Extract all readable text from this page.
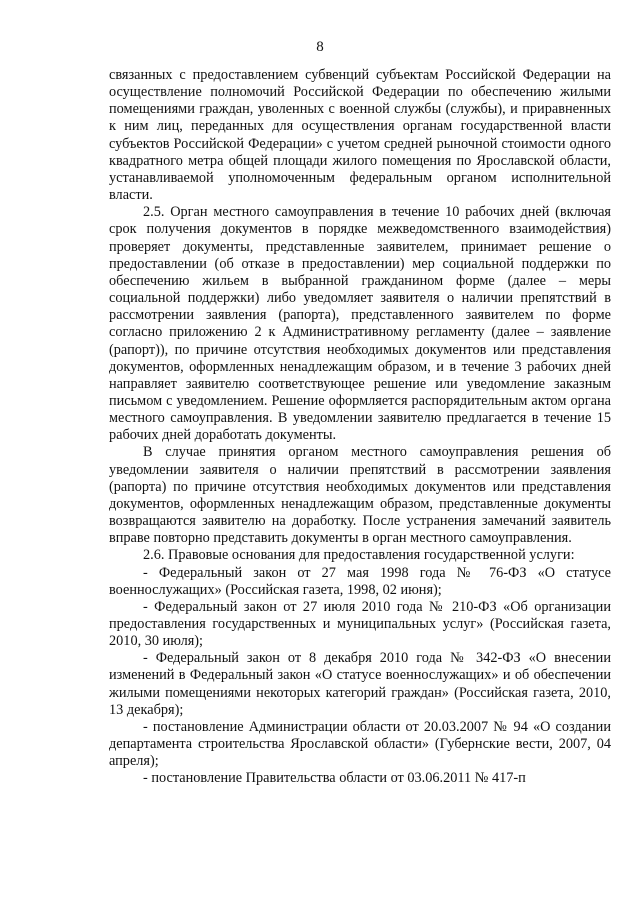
8

связанных с предоставлением субвенций субъектам Российской Федерации на осуществление полномочий Российской Федерации по обеспечению жилыми помещениями граждан, уволенных с военной службы (службы), и приравненных к ним лиц, переданных для осуществления органам государственной власти субъектов Российской Федерации» с учетом средней рыночной стоимости одного квадратного метра общей площади жилого помещения по Ярославской области, устанавливаемой уполномоченным федеральным органом исполнительной власти.

2.5. Орган местного самоуправления в течение 10 рабочих дней (включая срок получения документов в порядке межведомственного взаимодействия) проверяет документы, представленные заявителем, принимает решение о предоставлении (об отказе в предоставлении) мер социальной поддержки по обеспечению жильем в выбранной гражданином форме (далее – меры социальной поддержки) либо уведомляет заявителя о наличии препятствий в рассмотрении заявления (рапорта), представленного заявителем по форме согласно приложению 2 к Административному регламенту (далее – заявление (рапорт)), по причине отсутствия необходимых документов или представления документов, оформленных ненадлежащим образом, и в течение 3 рабочих дней направляет заявителю соответствующее решение или уведомление заказным письмом с уведомлением. Решение оформляется распорядительным актом органа местного самоуправления. В уведомлении заявителю предлагается в течение 15 рабочих дней доработать документы.

В случае принятия органом местного самоуправления решения об уведомлении заявителя о наличии препятствий в рассмотрении заявления (рапорта) по причине отсутствия необходимых документов или представления документов, оформленных ненадлежащим образом, представленные документы возвращаются заявителю на доработку. После устранения замечаний заявитель вправе повторно представить документы в орган местного самоуправления.

2.6. Правовые основания для предоставления государственной услуги:

- Федеральный закон от 27 мая 1998 года № 76-ФЗ «О статусе военнослужащих» (Российская газета, 1998, 02 июня);

- Федеральный закон от 27 июля 2010 года № 210-ФЗ «Об организации предоставления государственных и муниципальных услуг» (Российская газета, 2010, 30 июля);

- Федеральный закон от 8 декабря 2010 года № 342-ФЗ «О внесении изменений в Федеральный закон «О статусе военнослужащих» и об обеспечении жилыми помещениями некоторых категорий граждан» (Российская газета, 2010, 13 декабря);

- постановление Администрации области от 20.03.2007 № 94 «О создании департамента строительства Ярославской области» (Губернские вести, 2007, 04 апреля);

- постановление Правительства области от 03.06.2011 № 417-п
